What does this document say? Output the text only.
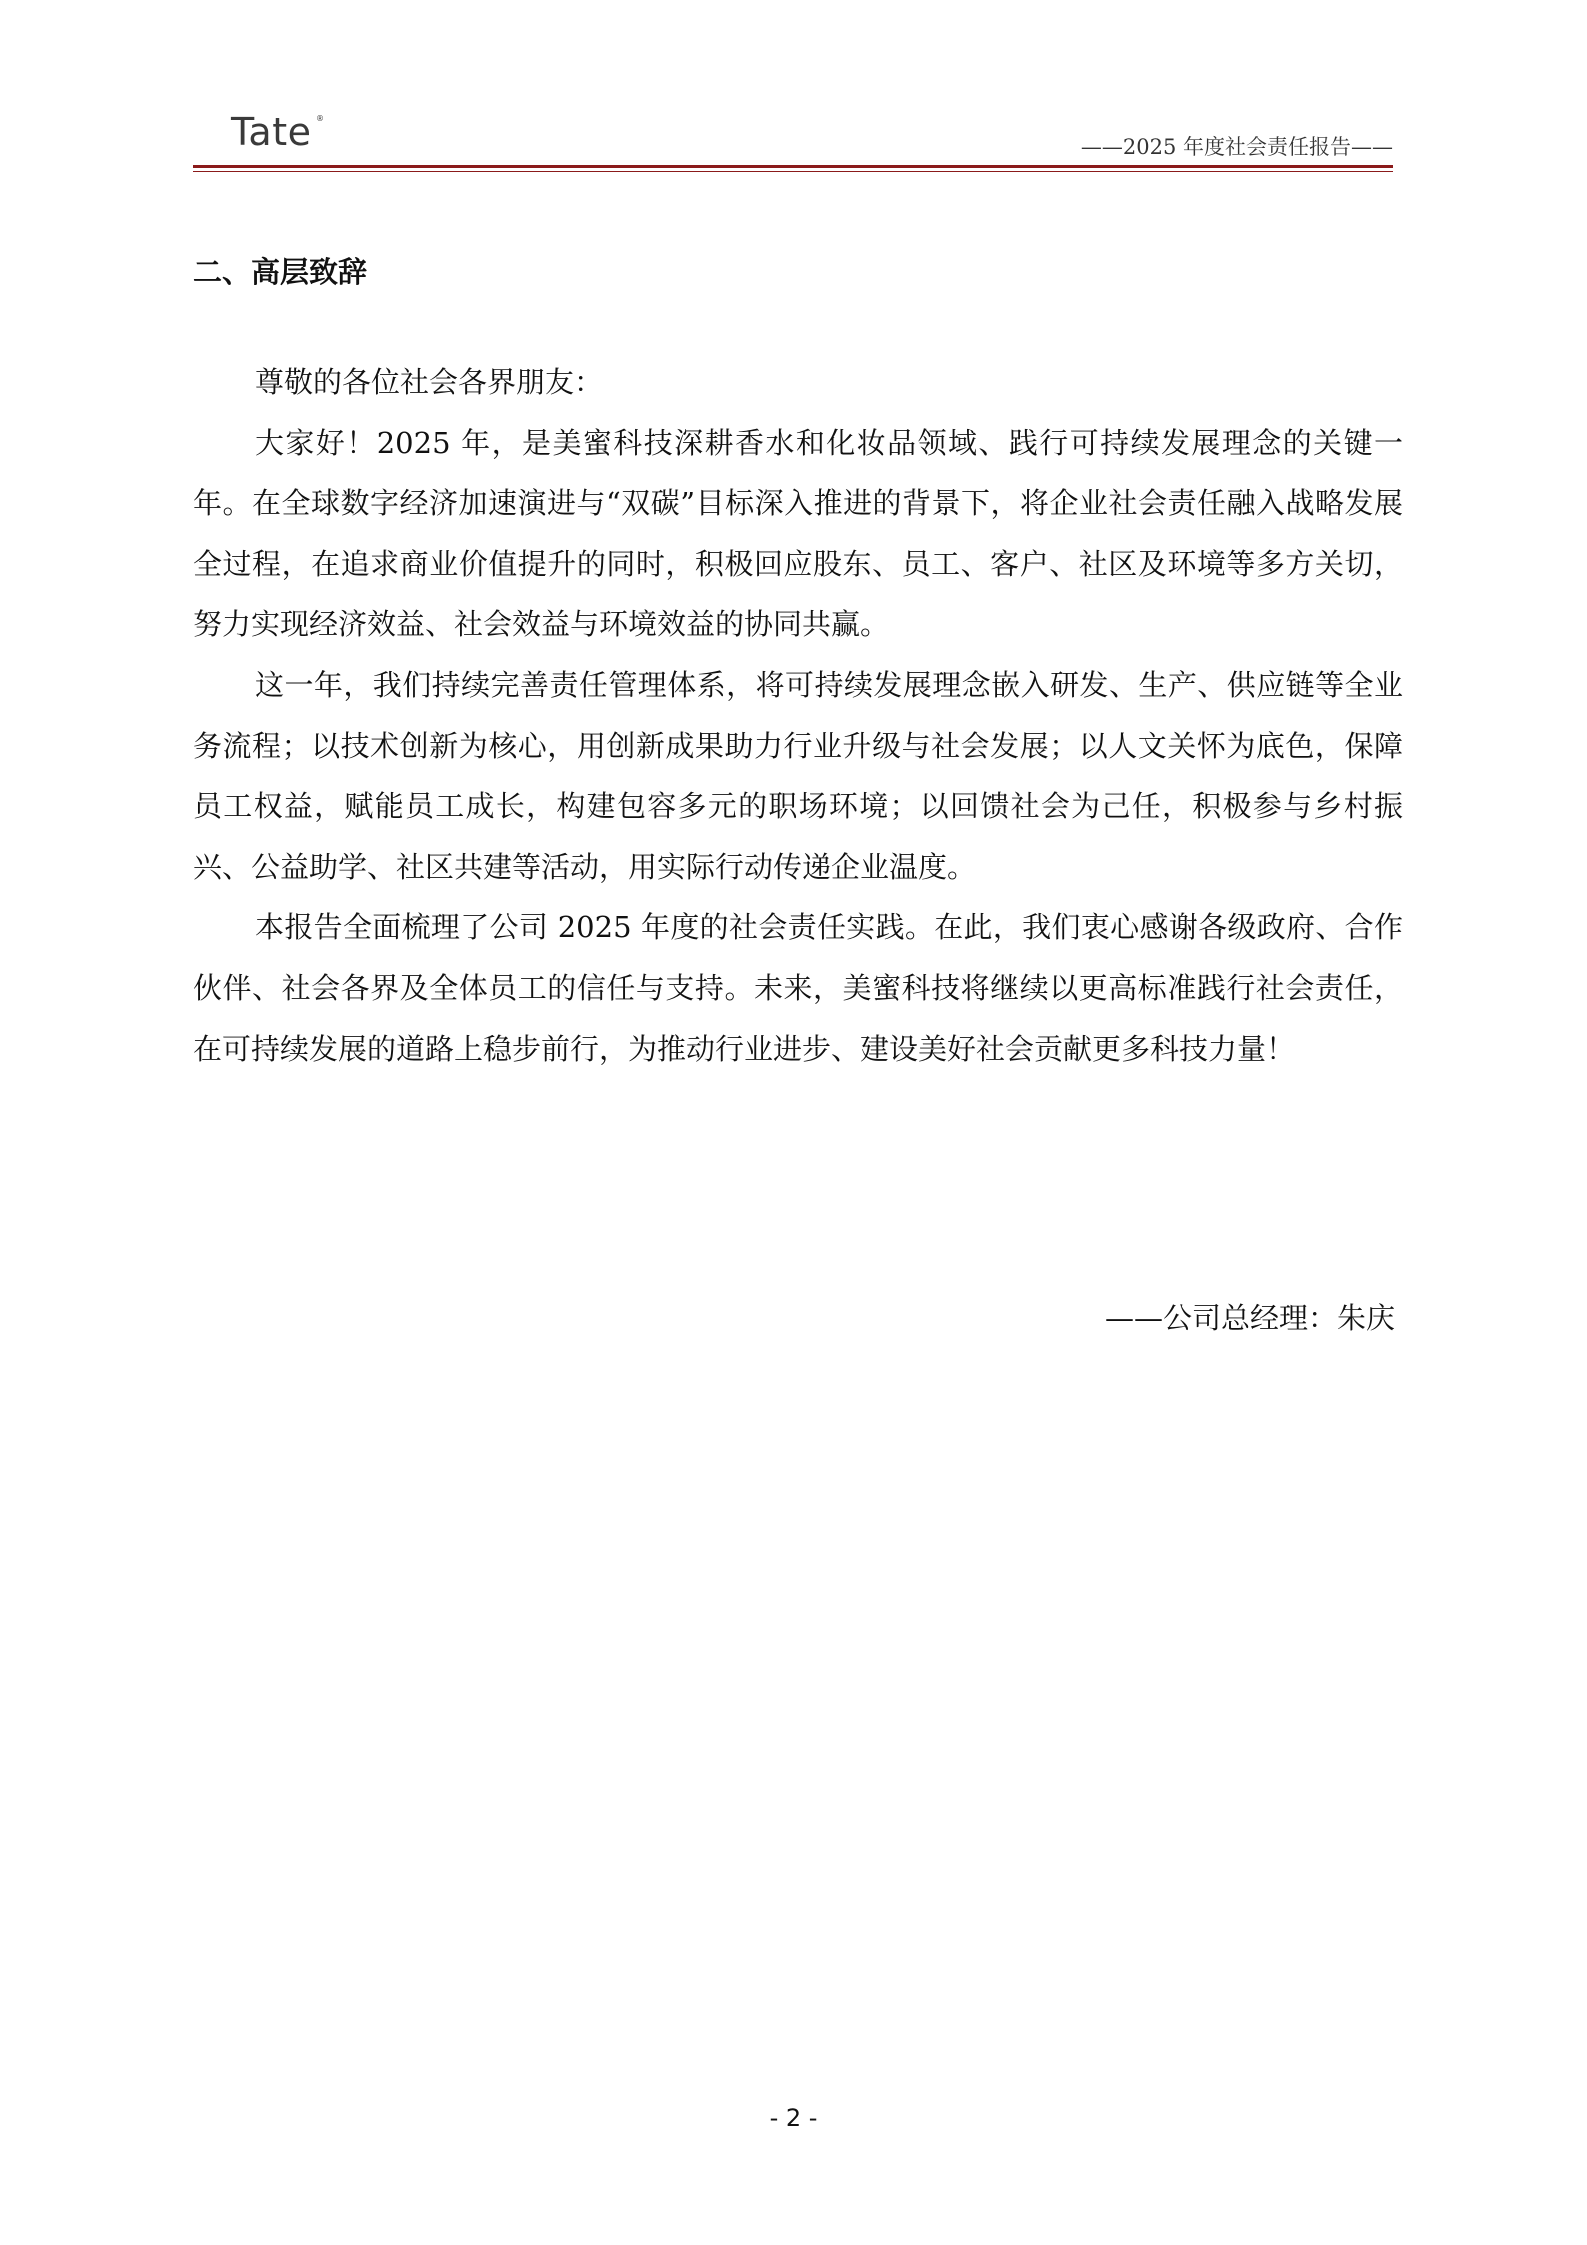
Tate ®
——2025 年度社会责任报告——
二、高层致辞

尊敬的各位社会各界朋友：

大家好！2025 年，是美蜜科技深耕香水和化妆品领域、践行可持续发展理念的关键一年。在全球数字经济加速演进与“双碳”目标深入推进的背景下，将企业社会责任融入战略发展全过程，在追求商业价值提升的同时，积极回应股东、员工、客户、社区及环境等多方关切，努力实现经济效益、社会效益与环境效益的协同共赢。

这一年，我们持续完善责任管理体系，将可持续发展理念嵌入研发、生产、供应链等全业务流程；以技术创新为核心，用创新成果助力行业升级与社会发展；以人文关怀为底色，保障员工权益，赋能员工成长，构建包容多元的职场环境；以回馈社会为己任，积极参与乡村振兴、公益助学、社区共建等活动，用实际行动传递企业温度。

本报告全面梳理了公司 2025 年度的社会责任实践。在此，我们衷心感谢各级政府、合作伙伴、社会各界及全体员工的信任与支持。未来，美蜜科技将继续以更高标准践行社会责任，在可持续发展的道路上稳步前行，为推动行业进步、建设美好社会贡献更多科技力量！

——公司总经理：朱庆
- 2 -
